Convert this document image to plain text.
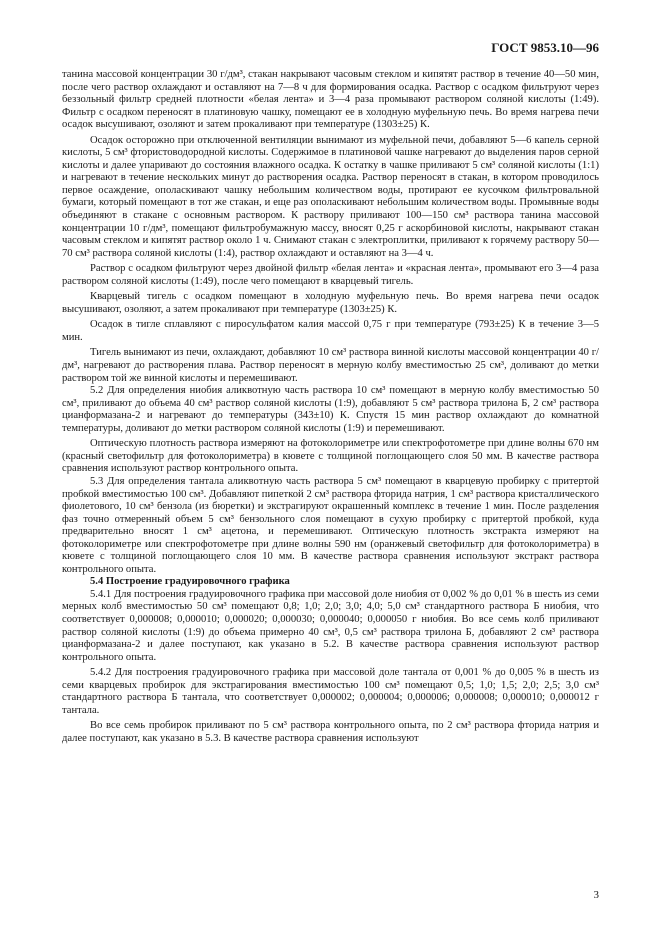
ГОСТ 9853.10—96

танина массовой концентрации 30 г/дм³, стакан накрывают часовым стеклом и кипятят раствор в течение 40—50 мин, после чего раствор охлаждают и оставляют на 7—8 ч для формирования осадка. Раствор с осадком фильтруют через беззольный фильтр средней плотности «белая лента» и 3—4 раза промывают раствором соляной кислоты (1:49). Фильтр с осадком переносят в платиновую чашку, помещают ее в холодную муфельную печь. Во время нагрева печи осадок высушивают, озоляют и затем прокаливают при температуре (1303±25) К.

Осадок осторожно при отключенной вентиляции вынимают из муфельной печи, добавляют 5—6 капель серной кислоты, 5 см³ фтористоводородной кислоты. Содержимое в платиновой чашке нагревают до выделения паров серной кислоты и далее упаривают до состояния влажного осадка. К остатку в чашке приливают 5 см³ соляной кислоты (1:1) и нагревают в течение нескольких минут до растворения осадка. Раствор переносят в стакан, в котором проводилось первое осаждение, ополаскивают чашку небольшим количеством воды, протирают ее кусочком фильтровальной бумаги, который помещают в тот же стакан, и еще раз ополаскивают небольшим количеством воды. Промывные воды объединяют в стакане с основным раствором. К раствору приливают 100—150 см³ раствора танина массовой концентрации 10 г/дм³, помещают фильтробумажную массу, вносят 0,25 г аскорбиновой кислоты, накрывают стакан часовым стеклом и кипятят раствор около 1 ч. Снимают стакан с электроплитки, приливают к горячему раствору 50—70 см³ раствора соляной кислоты (1:4), раствор охлаждают и оставляют на 3—4 ч.

Раствор с осадком фильтруют через двойной фильтр «белая лента» и «красная лента», промывают его 3—4 раза раствором соляной кислоты (1:49), после чего помещают в кварцевый тигель.

Кварцевый тигель с осадком помещают в холодную муфельную печь. Во время нагрева печи осадок высушивают, озоляют, а затем прокаливают при температуре (1303±25) К.

Осадок в тигле сплавляют с пиросульфатом калия массой 0,75 г при температуре (793±25) К в течение 3—5 мин.

Тигель вынимают из печи, охлаждают, добавляют 10 см³ раствора винной кислоты массовой концентрации 40 г/дм³, нагревают до растворения плава. Раствор переносят в мерную колбу вместимостью 25 см³, доливают до метки раствором той же винной кислоты и перемешивают.

5.2 Для определения ниобия аликвотную часть раствора 10 см³ помещают в мерную колбу вместимостью 50 см³, приливают до объема 40 см³ раствор соляной кислоты (1:9), добавляют 5 см³ раствора трилона Б, 2 см³ раствора цианформазана-2 и нагревают до температуры (343±10) К. Спустя 15 мин раствор охлаждают до комнатной температуры, доливают до метки раствором соляной кислоты (1:9) и перемешивают.

Оптическую плотность раствора измеряют на фотоколориметре или спектрофотометре при длине волны 670 нм (красный светофильтр для фотоколориметра) в кювете с толщиной поглощающего слоя 50 мм. В качестве раствора сравнения используют раствор контрольного опыта.

5.3 Для определения тантала аликвотную часть раствора 5 см³ помещают в кварцевую пробирку с притертой пробкой вместимостью 100 см³. Добавляют пипеткой 2 см³ раствора фторида натрия, 1 см³ раствора кристаллического фиолетового, 10 см³ бензола (из бюретки) и экстрагируют окрашенный комплекс в течение 1 мин. После разделения фаз точно отмеренный объем 5 см³ бензольного слоя помещают в сухую пробирку с притертой пробкой, куда предварительно вносят 1 см³ ацетона, и перемешивают. Оптическую плотность экстракта измеряют на фотоколориметре или спектрофотометре при длине волны 590 нм (оранжевый светофильтр для фотоколориметра) в кювете с толщиной поглощающего слоя 10 мм. В качестве раствора сравнения используют экстракт раствора контрольного опыта.

5.4 Построение градуировочного графика

5.4.1 Для построения градуировочного графика при массовой доле ниобия от 0,002 % до 0,01 % в шесть из семи мерных колб вместимостью 50 см³ помещают 0,8; 1,0; 2,0; 3,0; 4,0; 5,0 см³ стандартного раствора Б ниобия, что соответствует 0,000008; 0,000010; 0,000020; 0,000030; 0,000040; 0,000050 г ниобия. Во все семь колб приливают раствор соляной кислоты (1:9) до объема примерно 40 см³, 0,5 см³ раствора трилона Б, добавляют 2 см³ раствора цианформазана-2 и далее поступают, как указано в 5.2. В качестве раствора сравнения используют раствор контрольного опыта.

5.4.2 Для построения градуировочного графика при массовой доле тантала от 0,001 % до 0,005 % в шесть из семи кварцевых пробирок для экстрагирования вместимостью 100 см³ помещают 0,5; 1,0; 1,5; 2,0; 2,5; 3,0 см³ стандартного раствора Б тантала, что соответствует 0,000002; 0,000004; 0,000006; 0,000008; 0,000010; 0,000012 г тантала.

Во все семь пробирок приливают по 5 см³ раствора контрольного опыта, по 2 см³ раствора фторида натрия и далее поступают, как указано в 5.3. В качестве раствора сравнения используют

3
